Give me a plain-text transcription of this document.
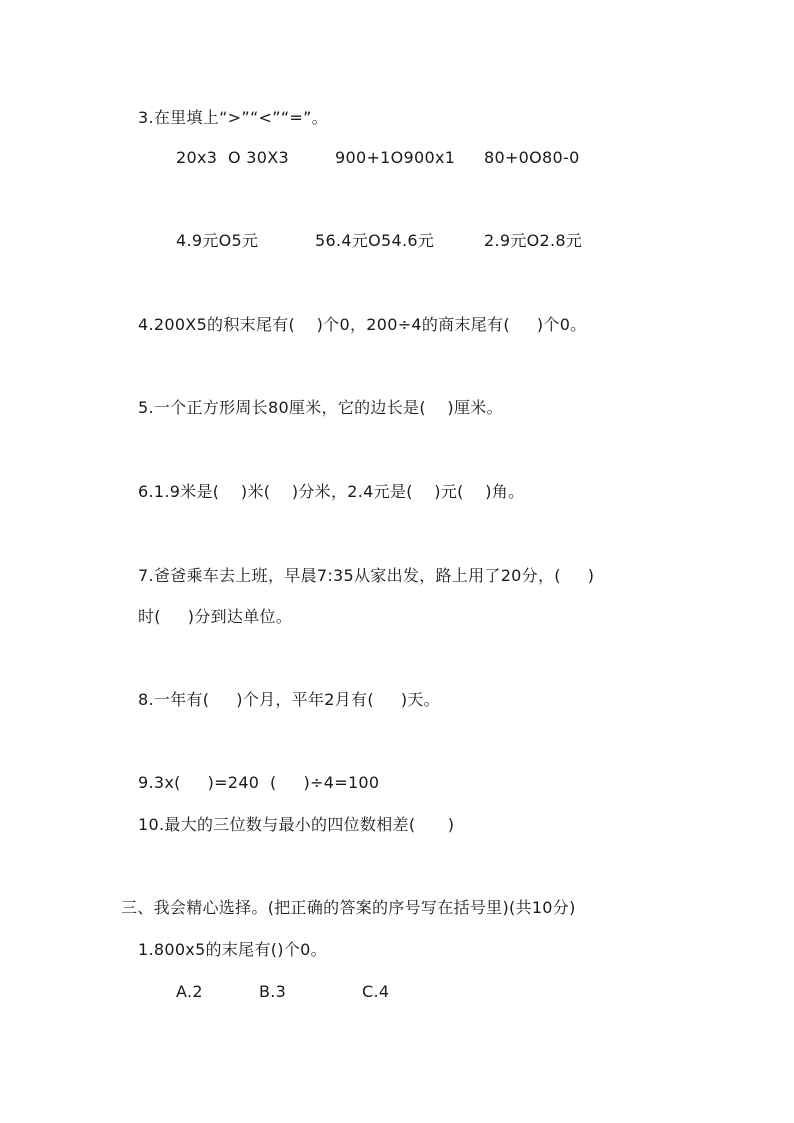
3.在里填上“>”“<”“=”。
20x3  O 30X3	900+1O900x1 80+0O80-0
4.9元O5元	56.4元O54.6元	2.9元O2.8元
4.200X5的积末尾有(    )个0，200÷4的商末尾有(     )个0。
5.一个正方形周长80厘米，它的边长是(    )厘米。
6.1.9米是(    )米(    )分米，2.4元是(    )元(    )角。
7.爸爸乘车去上班，早晨7:35从家出发，路上用了20分，(     )
时(     )分到达单位。
8.一年有(     )个月，平年2月有(     )天。
9.3x(     )=240  (     )÷4=100
10.最大的三位数与最小的四位数相差(      )
三、我会精心选择。(把正确的答案的序号写在括号里)(共10分)
1.800x5的末尾有()个0。
A.2	B.3	C.4
